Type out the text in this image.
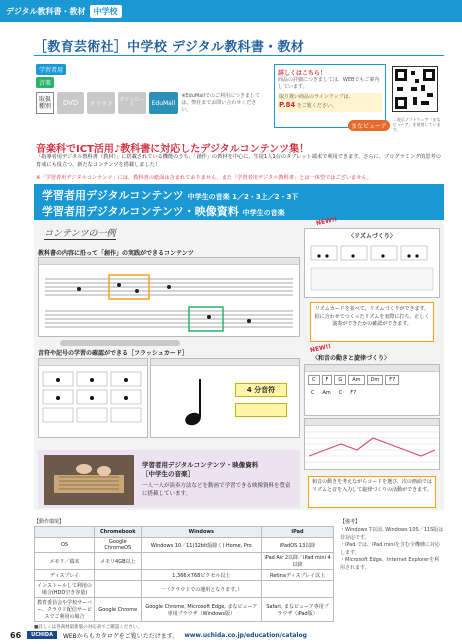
デジタル教科書・教材	中学校
［教育芸術社］中学校 デジタル教科書・教材
学習者用
音楽
取扱
種別	DVD	クラウド
ダウンロード	EduMall
※EduMallでのご利用につきましては、弊社までお問い合わせください。
詳しくはこちら！
商品の詳細につきましては、WEBでもご案内しています。
取り扱い商品のラインアップは、
P.84 をご覧ください。
まなビューア
…表示ソフトウェア「まなビューア」を使用しています。
音楽科でICT活用♪教科書に対応したデジタルコンテンツ集！
「指導者用デジタル教科書（教材）」に搭載されている機能のうち、「創作」の教材を中心に、生徒1人1台のタブレット端末で利用できます。さらに、プログラミング的思考の育成にも役立つ、新たなコンテンツを搭載しました！
※「学習者用デジタルコンテンツ」には、教科書の紙面は含まれておりません。また「学習者用デジタル教科書」とは一体型ではございません。
学習者用デジタルコンテンツ 中学生の音楽 1／2・3上／2・3下
学習者用デジタルコンテンツ・映像資料 中学生の音楽
コンテンツの一例
教科書の内容に沿って「創作」の実践ができるコンテンツ
音符や記号の学習の確認ができる［フラッシュカード］
4 分音符
NEW!!
〈リズムづくり〉
リズムカードを並べて、リズムづくりができます。拍に合わせてつくったリズムを実際に打ち、正しく演奏ができたかの確認ができます。
NEW!!
〈和音の動きと旋律づくり〉
C	F	G	Am	Dm	F7
C Am C F7
和音の動きを考えながらコードを選び、次の画面ではリズムと音を入力して旋律づくりの活動ができます。
学習者用デジタルコンテンツ・映像資料
［中学生の音楽］
一人一人が演奏方法などを動画で学習できる映像資料を豊富に搭載しています。
【動作環境】
	Chromebook	Windows	iPad
OS	Google ChromeOS	Windows 10／11(32bit版除く) Home, Pro	iPadOS 13以降
メモリ／端末	メモリ4GB以上		iPad Air 2以降／iPad mini 4以降
ディスプレイ		1,366×768ピクセル以上	Retinaディスプレイ以上
インストールして利用の場合(HDD空き容量)		一（クラウドでの運用となります。）	
教育委員会や学校サーバー、クラウド配信サービスでご利用の場合	Google Chrome	Google Chrome, Microsoft Edge, まなビューア専用ブラウザ（Windows版）	Safari, まなビューア専用ブラウザ（iPad版）
■詳しくは各商材最新版の対応表でご確認ください。
【備考】
・Windows 7以前, Windows 10S／11S版は非対応です。
・iPad では、iPad miniを含む全機種に対応します。
・Microsoft Edge、Internet Explorerを利用されます。
66	UCHIDA	WEBからもカタログをご覧いただけます。 www.uchida.co.jp/education/catalog
